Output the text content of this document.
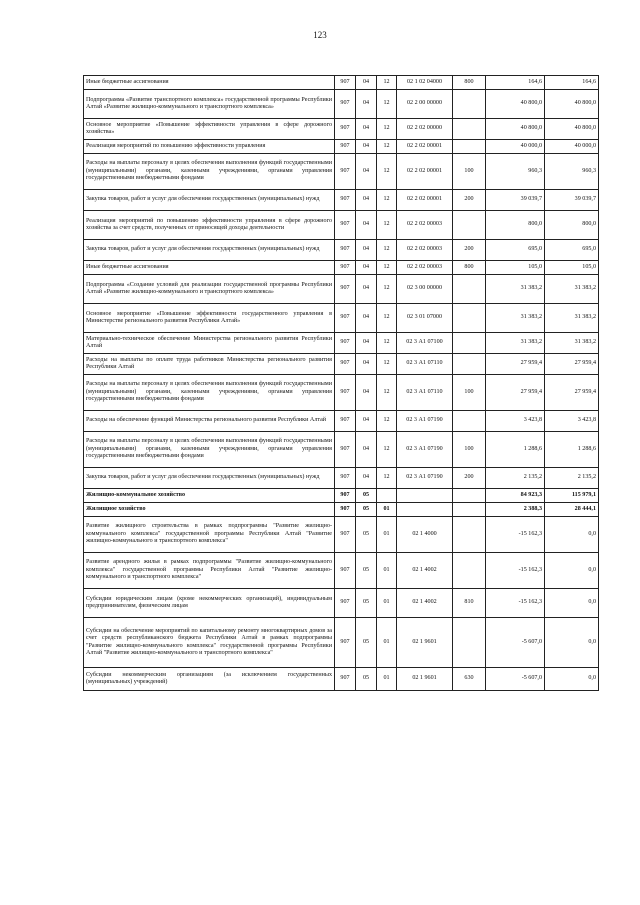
123
Иные бюджетные ассигнования	907	04	12	02 1 02 04000	800	164,6	164,6
Подпрограмма «Развитие транспортного комплекса» государственной программы Республики Алтай «Развитие жилищно-коммунального и транспортного комплекса»	907	04	12	02 2 00 00000		40 800,0	40 800,0
Основное мероприятие «Повышение эффективности управления в сфере дорожного хозяйства»	907	04	12	02 2 02 00000		40 800,0	40 800,0
Реализация мероприятий по повышению эффективности управления	907	04	12	02 2 02 00001		40 000,0	40 000,0
Расходы на выплаты персоналу в целях обеспечения выполнения функций государственными (муниципальными) органами, казенными учреждениями, органами управления государственными внебюджетными фондами	907	04	12	02 2 02 00001	100	960,3	960,3
Закупка товаров, работ и услуг для обеспечения государственных (муниципальных) нужд	907	04	12	02 2 02 00001	200	39 039,7	39 039,7
Реализация мероприятий по повышению эффективности управления в сфере дорожного хозяйства за счет средств, полученных от приносящей доходы деятельности	907	04	12	02 2 02 00003		800,0	800,0
Закупка товаров, работ и услуг для обеспечения государственных (муниципальных) нужд	907	04	12	02 2 02 00003	200	695,0	695,0
Иные бюджетные ассигнования	907	04	12	02 2 02 00003	800	105,0	105,0
Подпрограмма «Создание условий для реализации государственной программы Республики Алтай «Развитие жилищно-коммунального и транспортного комплекса»	907	04	12	02 3 00 00000		31 383,2	31 383,2
Основное мероприятие «Повышение эффективности государственного управления в Министерстве регионального развития Республики Алтай»	907	04	12	02 3 01 07000		31 383,2	31 383,2
Материально-техническое обеспечение Министерства регионального развития Республики Алтай	907	04	12	02 3 А1 07100		31 383,2	31 383,2
Расходы на выплаты по оплате труда работников Министерства регионального развития Республики Алтай	907	04	12	02 3 А1 07110		27 959,4	27 959,4
Расходы на выплаты персоналу в целях обеспечения выполнения функций государственными (муниципальными) органами, казенными учреждениями, органами управления государственными внебюджетными фондами	907	04	12	02 3 А1 07110	100	27 959,4	27 959,4
Расходы на обеспечение функций Министерства регионального развития Республики Алтай	907	04	12	02 3 А1 07190		3 423,8	3 423,8
Расходы на выплаты персоналу в целях обеспечения выполнения функций государственными (муниципальными) органами, казенными учреждениями, органами управления государственными внебюджетными фондами	907	04	12	02 3 А1 07190	100	1 288,6	1 288,6
Закупка товаров, работ и услуг для обеспечения государственных (муниципальных) нужд	907	04	12	02 3 А1 07190	200	2 135,2	2 135,2
Жилищно-коммунальное хозяйство	907	05				84 923,3	115 979,1
Жилищное хозяйство	907	05	01			2 388,3	28 444,1
Развитие жилищного строительства в рамках подпрограммы "Развитие жилищно-коммунального комплекса" государственной программы Республики Алтай "Развитие жилищно-коммунального и транспортного комплекса"	907	05	01	02 1 4000		-15 162,3	0,0
Развитие арендного жилья в рамках подпрограммы "Развитие жилищно-коммунального комплекса" государственной программы Республики Алтай "Развитие жилищно-коммунального и транспортного комплекса"	907	05	01	02 1 4002		-15 162,3	0,0
Субсидии юридическим лицам (кроме некоммерческих организаций), индивидуальным предпринимателям, физическим лицам	907	05	01	02 1 4002	810	-15 162,3	0,0
Субсидии на обеспечение мероприятий по капитальному ремонту многоквартирных домов за счет средств республиканского бюджета Республики Алтай в рамках подпрограммы "Развитие жилищно-коммунального комплекса" государственной программы Республики Алтай "Развитие жилищно-коммунального и транспортного комплекса"	907	05	01	02 1 9601		-5 607,0	0,0
Субсидии некоммерческим организациям (за исключением государственных (муниципальных) учреждений)	907	05	01	02 1 9601	630	-5 607,0	0,0
